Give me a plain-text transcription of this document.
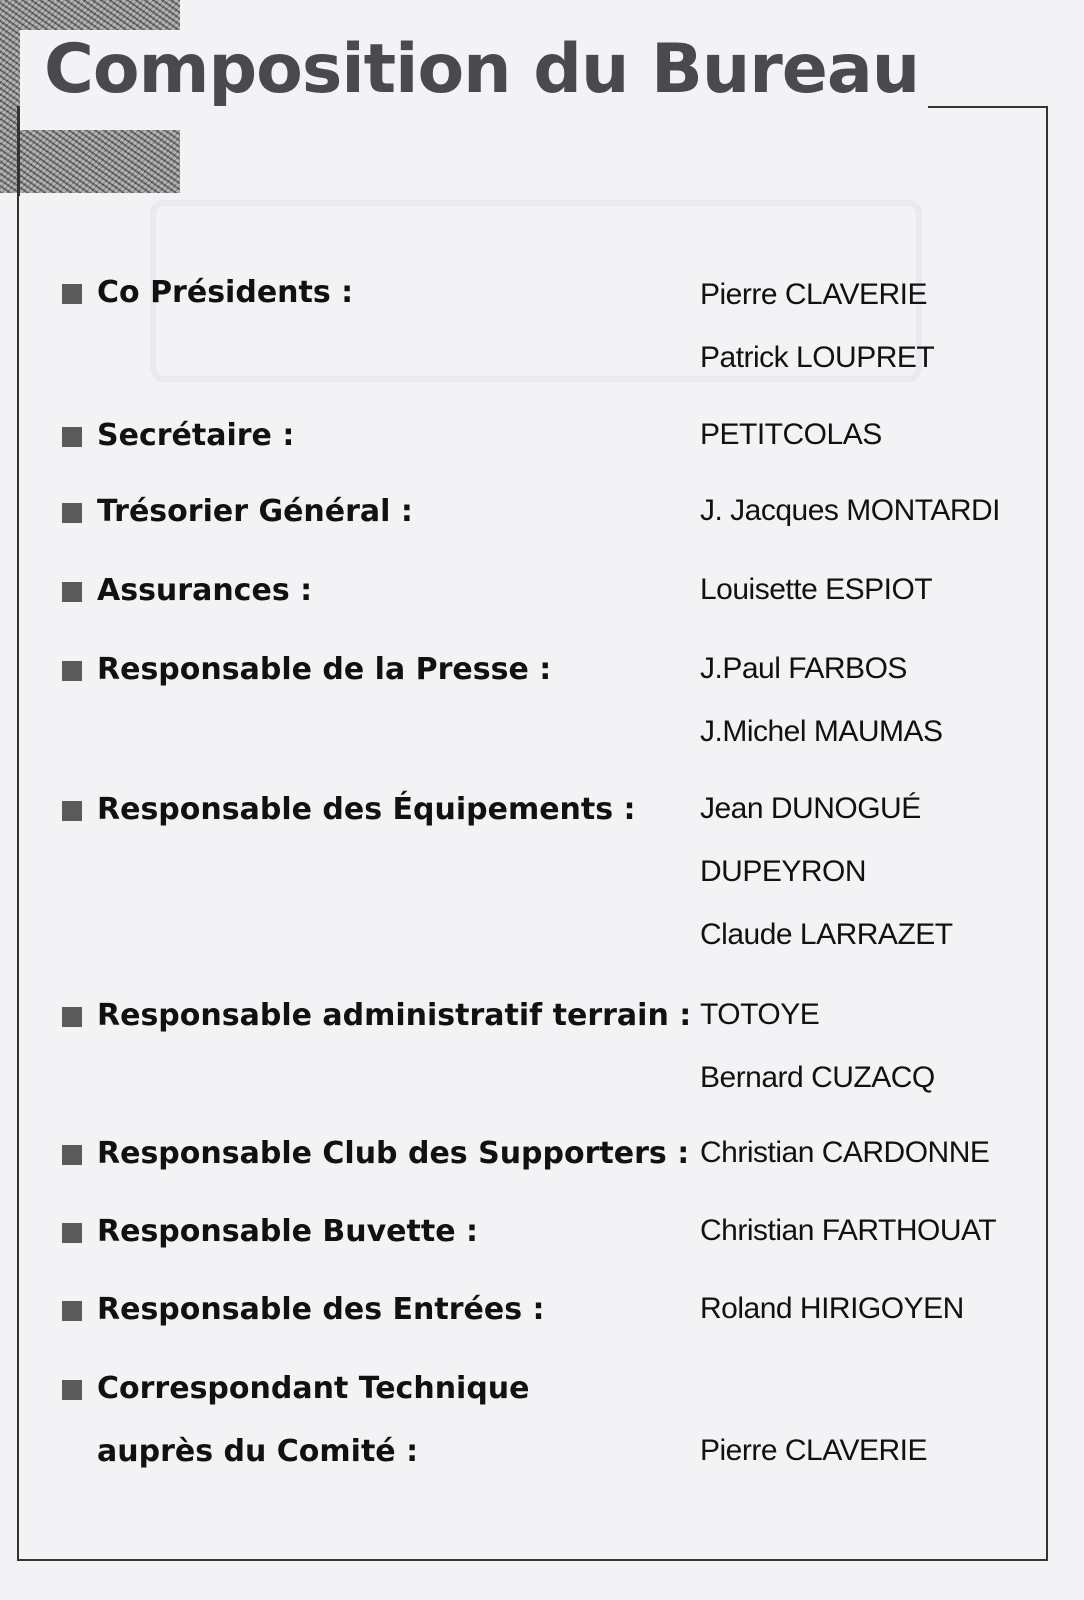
Composition du Bureau
Co Présidents :	Pierre CLAVERIE
Patrick LOUPRET
Secrétaire :	PETITCOLAS
Trésorier Général :	J. Jacques MONTARDI
Assurances :	Louisette ESPIOT
Responsable de la Presse :	J.Paul FARBOS
J.Michel MAUMAS
Responsable des Équipements : Jean DUNOGUÉ
DUPEYRON
Claude LARRAZET
Responsable administratif terrain : TOTOYE
Bernard CUZACQ
Responsable Club des Supporters : Christian CARDONNE
Responsable Buvette :	Christian FARTHOUAT
Responsable des Entrées :	Roland HIRIGOYEN
Correspondant Technique
auprès du Comité :	Pierre CLAVERIE
